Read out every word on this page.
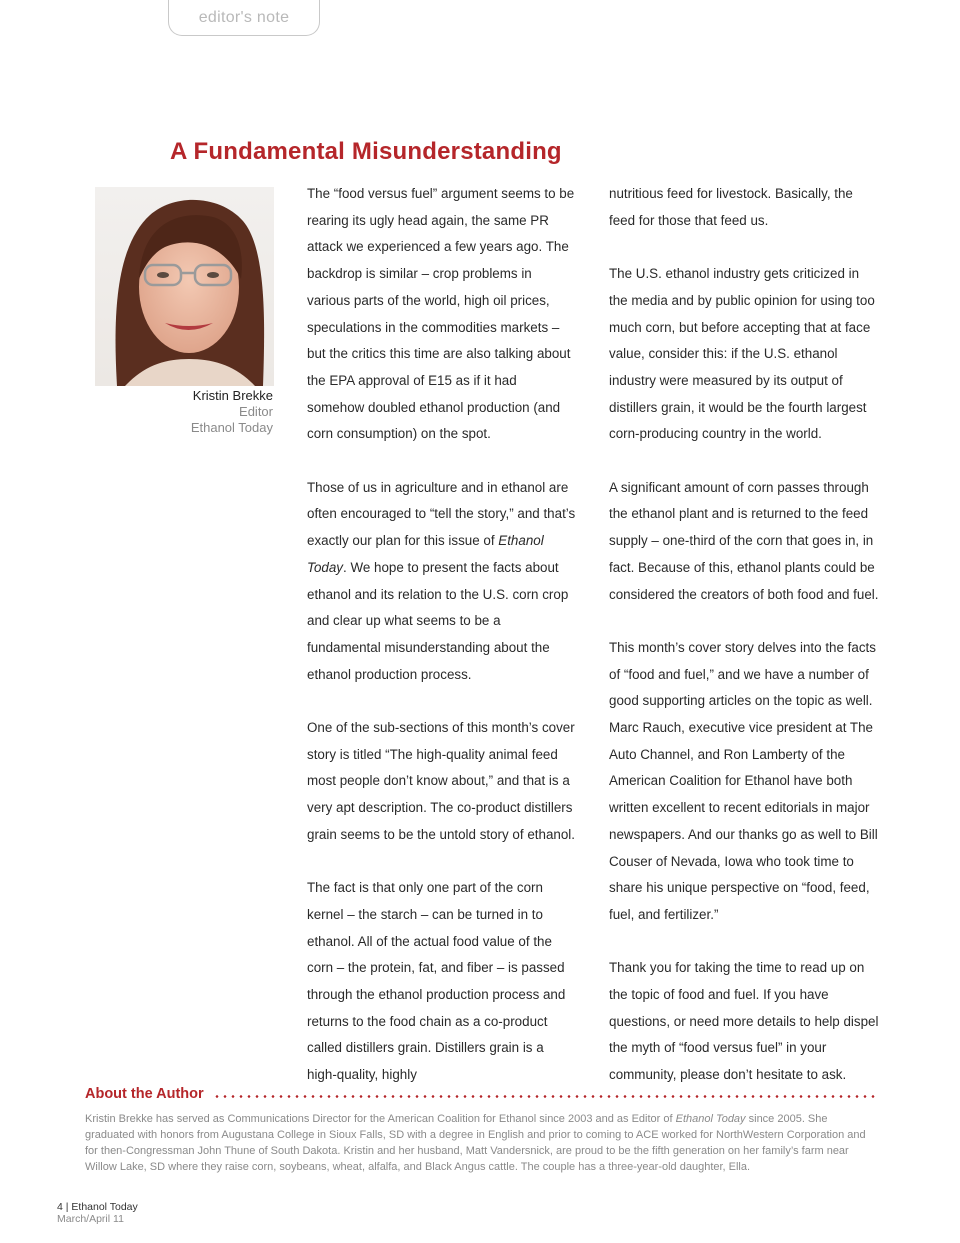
editor's note
A Fundamental Misunderstanding
Kristin Brekke
Editor
Ethanol Today

The “food versus fuel” argument seems to be rearing its ugly head again, the same PR attack we experienced a few years ago. The backdrop is similar – crop problems in various parts of the world, high oil prices, speculations in the commodities markets – but the critics this time are also talking about the EPA approval of E15 as if it had somehow doubled ethanol production (and corn consumption) on the spot.

Those of us in agriculture and in ethanol are often encouraged to “tell the story,” and that’s exactly our plan for this issue of Ethanol Today. We hope to present the facts about ethanol and its relation to the U.S. corn crop and clear up what seems to be a fundamental misunderstanding about the ethanol production process.

One of the sub-sections of this month’s cover story is titled “The high-quality animal feed most people don’t know about,” and that is a very apt description. The co-product distillers grain seems to be the untold story of ethanol.

The fact is that only one part of the corn kernel – the starch – can be turned in to ethanol. All of the actual food value of the corn – the protein, fat, and fiber – is passed through the ethanol production process and returns to the food chain as a co-product called distillers grain. Distillers grain is a high-quality, highly

nutritious feed for livestock. Basically, the feed for those that feed us.

The U.S. ethanol industry gets criticized in the media and by public opinion for using too much corn, but before accepting that at face value, consider this: if the U.S. ethanol industry were measured by its output of distillers grain, it would be the fourth largest corn-producing country in the world.

A significant amount of corn passes through the ethanol plant and is returned to the feed supply – one-third of the corn that goes in, in fact. Because of this, ethanol plants could be considered the creators of both food and fuel.

This month’s cover story delves into the facts of “food and fuel,” and we have a number of good supporting articles on the topic as well. Marc Rauch, executive vice president at The Auto Channel, and Ron Lamberty of the American Coalition for Ethanol have both written excellent to recent editorials in major newspapers. And our thanks go as well to Bill Couser of Nevada, Iowa who took time to share his unique perspective on “food, feed, fuel, and fertilizer.”

Thank you for taking the time to read up on the topic of food and fuel. If you have questions, or need more details to help dispel the myth of “food versus fuel” in your community, please don’t hesitate to ask.

About the Author
Kristin Brekke has served as Communications Director for the American Coalition for Ethanol since 2003 and as Editor of Ethanol Today since 2005. She graduated with honors from Augustana College in Sioux Falls, SD with a degree in English and prior to coming to ACE worked for NorthWestern Corporation and for then-Congressman John Thune of South Dakota. Kristin and her husband, Matt Vandersnick, are proud to be the fifth generation on her family’s farm near Willow Lake, SD where they raise corn, soybeans, wheat, alfalfa, and Black Angus cattle. The couple has a three-year-old daughter, Ella.
4 | Ethanol Today
March/April 11
